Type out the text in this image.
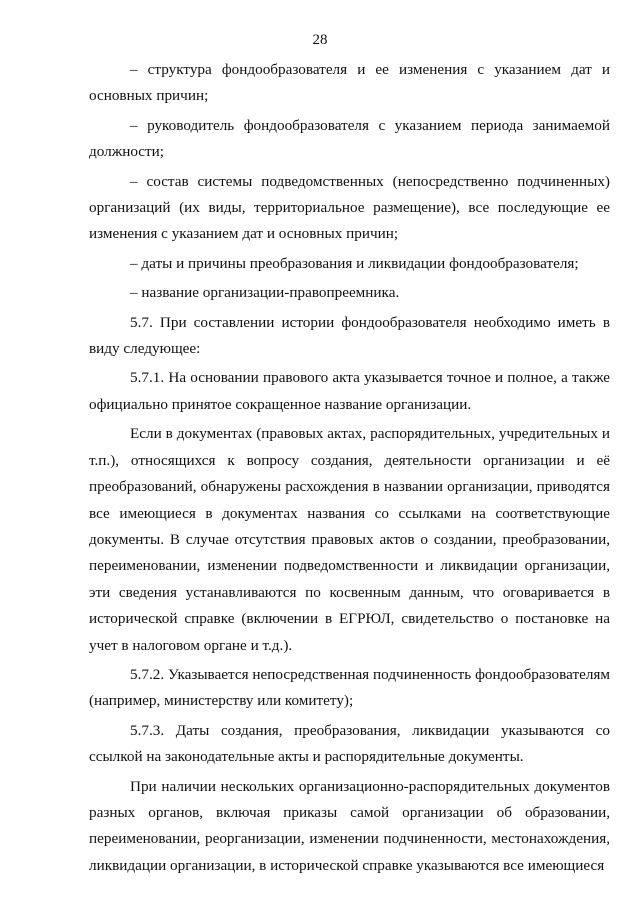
28

– структура фондообразователя и ее изменения с указанием дат и основных причин;

– руководитель фондообразователя с указанием периода занимаемой должности;

– состав системы подведомственных (непосредственно подчиненных) организаций (их виды, территориальное размещение), все последующие ее изменения с указанием дат и основных причин;

– даты и причины преобразования и ликвидации фондообразователя;

– название организации-правопреемника.

5.7. При составлении истории фондообразователя необходимо иметь в виду следующее:

5.7.1. На основании правового акта указывается точное и полное, а также официально принятое сокращенное название организации.

Если в документах (правовых актах, распорядительных, учредительных и т.п.), относящихся к вопросу создания, деятельности организации и её преобразований, обнаружены расхождения в названии организации, приводятся все имеющиеся в документах названия со ссылками на соответствующие документы. В случае отсутствия правовых актов о создании, преобразовании, переименовании, изменении подведомственности и ликвидации организации, эти сведения устанавливаются по косвенным данным, что оговаривается в исторической справке (включении в ЕГРЮЛ, свидетельство о постановке на учет в налоговом органе и т.д.).

5.7.2. Указывается непосредственная подчиненность фондообразователям (например, министерству или комитету);

5.7.3. Даты создания, преобразования, ликвидации указываются со ссылкой на законодательные акты и распорядительные документы.

При наличии нескольких организационно-распорядительных документов разных органов, включая приказы самой организации об образовании, переименовании, реорганизации, изменении подчиненности, местонахождения, ликвидации организации, в исторической справке указываются все имеющиеся
